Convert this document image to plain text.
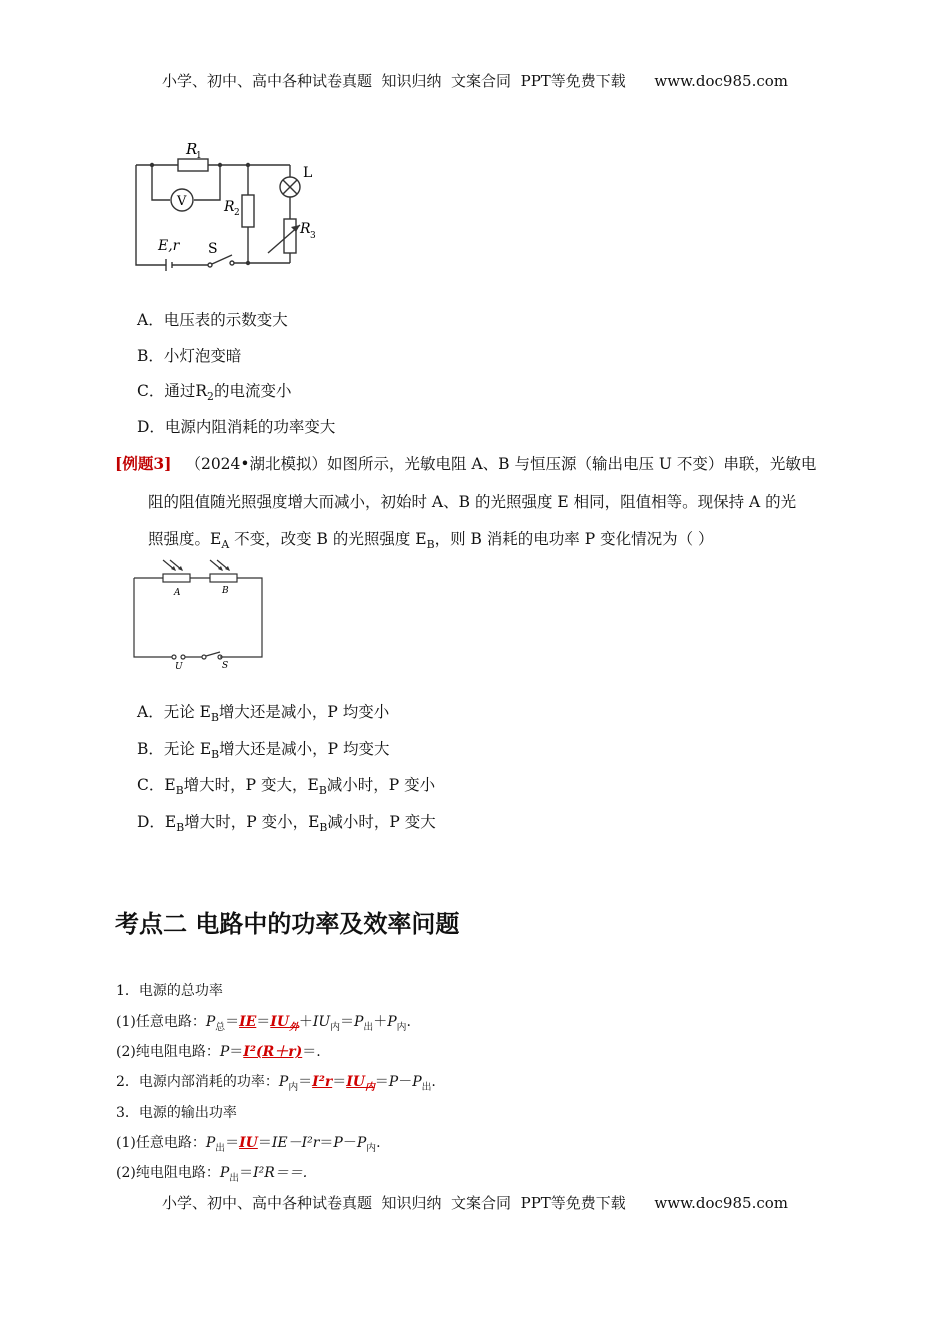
小学、初中、高中各种试卷真题  知识归纳  文案合同  PPT等免费下载      www.doc985.com
R
1
V	R 2
L
R 3
E,r S
A．电压表的示数变大
B．小灯泡变暗
C．通过$R_2$的电流变小
D．电源内阻消耗的功率变大
[例题3] （2024•湖北模拟）如图所示，光敏电阻 A、B 与恒压源（输出电压 U 不变）串联，光敏电
阻的阻值随光照强度增大而减小，初始时 A、B 的光照强度 E 相同，阻值相等。现保持 A 的光
照强度。$E_A$ 不变，改变 B 的光照强度 $E_B$，则 B 消耗的电功率 P 变化情况为（ ）
A	B
U	S
A．无论 $E_B$增大还是减小，P 均变小
B．无论 $E_B$增大还是减小，P 均变大
C．$E_B$增大时，P 变大，$E_B$减小时，P 变小
D．$E_B$增大时，P 变小，$E_B$减小时，P 变大
考点二 电路中的功率及效率问题
1．电源的总功率
(1)任意电路：$P_总=IE=IU_外+IU_内=P_出+P_内$.
(2)纯电阻电路：P＝I²(R＋r)＝.
2．电源内部消耗的功率：$P_内=I^2r=IU_内=P-P_出$.
3．电源的输出功率
(1)任意电路：$P_出=IU=IE-I^2r=P-P_内$.
(2)纯电阻电路：$P_出=I^2R==$.
小学、初中、高中各种试卷真题  知识归纳  文案合同  PPT等免费下载      www.doc985.com
